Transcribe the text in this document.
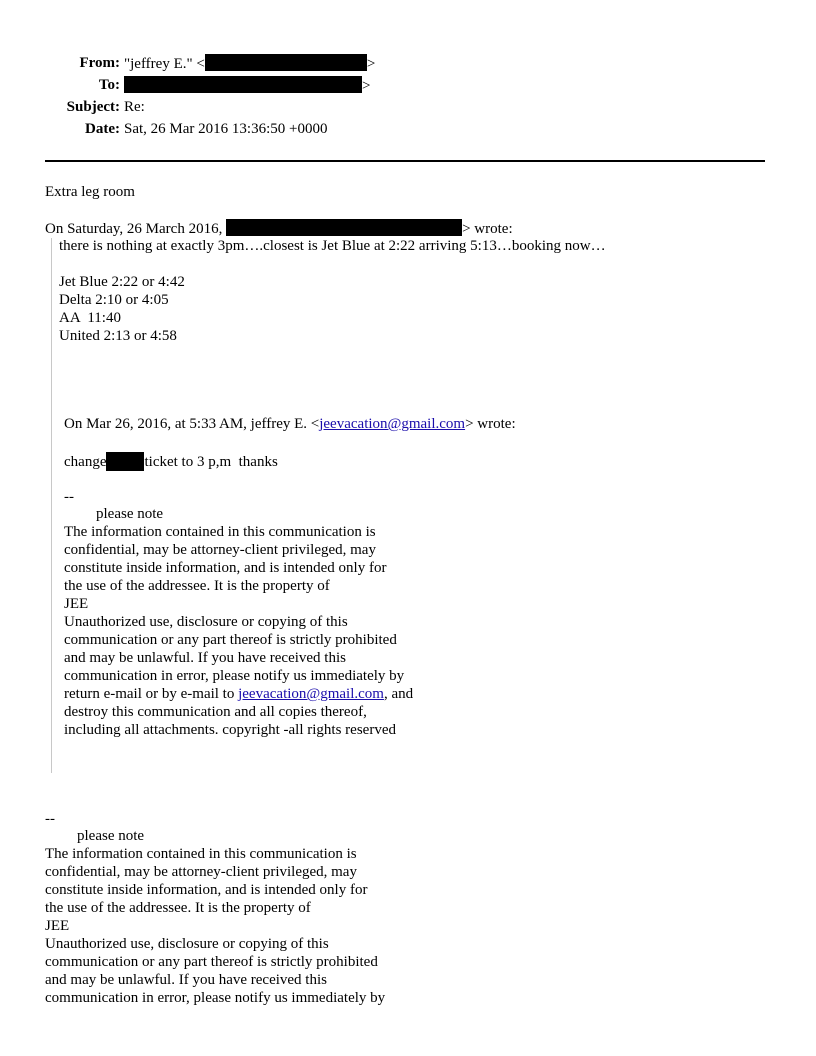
From: "jeffrey E." <	>
To:	>
Subject: Re:
Date: Sat, 26 Mar 2016 13:36:50 +0000
Extra leg room
On Saturday, 26 March 2016,	> wrote:
there is nothing at exactly 3pm….closest is Jet Blue at 2:22 arriving 5:13…booking now…
Jet Blue 2:22 or 4:42
Delta 2:10 or 4:05
AA  11:40
United 2:13 or 4:58
On Mar 26, 2016, at 5:33 AM, jeffrey E. <jeevacation@gmail.com> wrote:
change	ticket to 3 p,m  thanks
--
please note
The information contained in this communication is
confidential, may be attorney-client privileged, may
constitute inside information, and is intended only for
the use of the addressee. It is the property of
JEE
Unauthorized use, disclosure or copying of this
communication or any part thereof is strictly prohibited
and may be unlawful. If you have received this
communication in error, please notify us immediately by
return e-mail or by e-mail to jeevacation@gmail.com, and
destroy this communication and all copies thereof,
including all attachments. copyright -all rights reserved
--
please note
The information contained in this communication is
confidential, may be attorney-client privileged, may
constitute inside information, and is intended only for
the use of the addressee. It is the property of
JEE
Unauthorized use, disclosure or copying of this
communication or any part thereof is strictly prohibited
and may be unlawful. If you have received this
communication in error, please notify us immediately by
